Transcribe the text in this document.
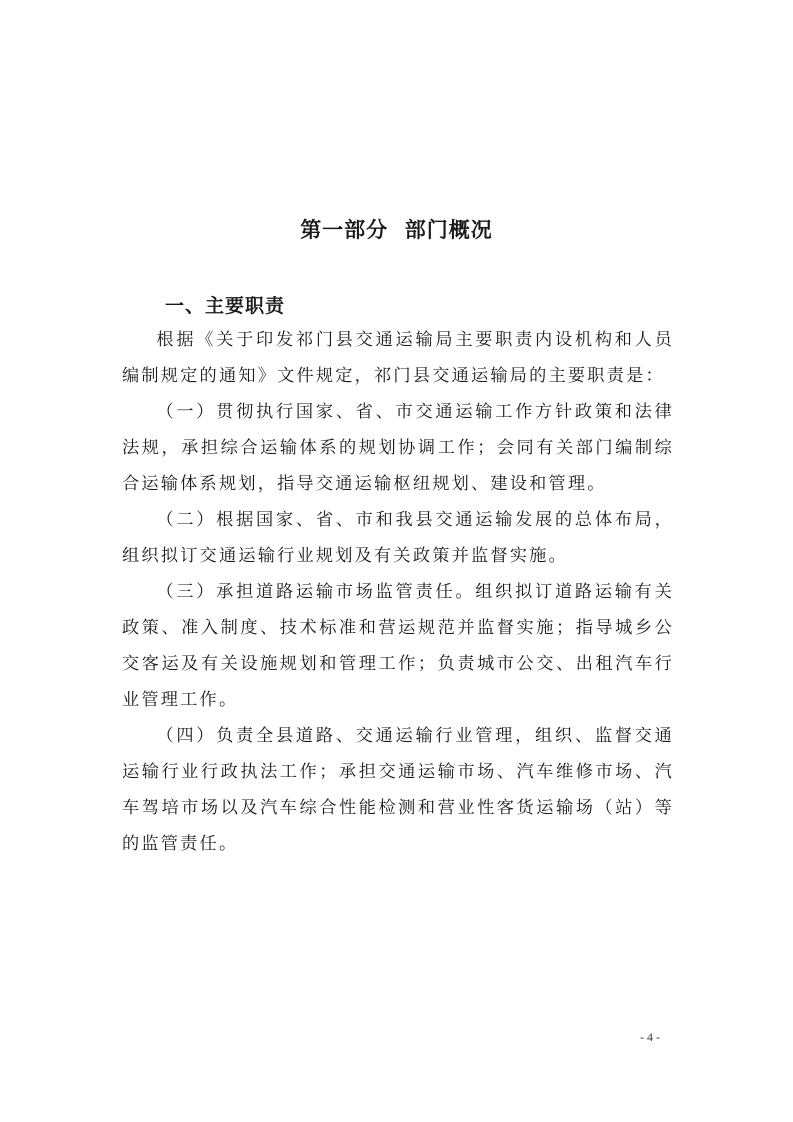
第一部分  部门概况
一、主要职责

根据《关于印发祁门县交通运输局主要职责内设机构和人员编制规定的通知》文件规定，祁门县交通运输局的主要职责是：

（一）贯彻执行国家、省、市交通运输工作方针政策和法律法规，承担综合运输体系的规划协调工作；会同有关部门编制综合运输体系规划，指导交通运输枢纽规划、建设和管理。

（二）根据国家、省、市和我县交通运输发展的总体布局，组织拟订交通运输行业规划及有关政策并监督实施。

（三）承担道路运输市场监管责任。组织拟订道路运输有关政策、准入制度、技术标准和营运规范并监督实施；指导城乡公交客运及有关设施规划和管理工作；负责城市公交、出租汽车行业管理工作。

（四）负责全县道路、交通运输行业管理，组织、监督交通运输行业行政执法工作；承担交通运输市场、汽车维修市场、汽车驾培市场以及汽车综合性能检测和营业性客货运输场（站）等的监管责任。

- 4 -
